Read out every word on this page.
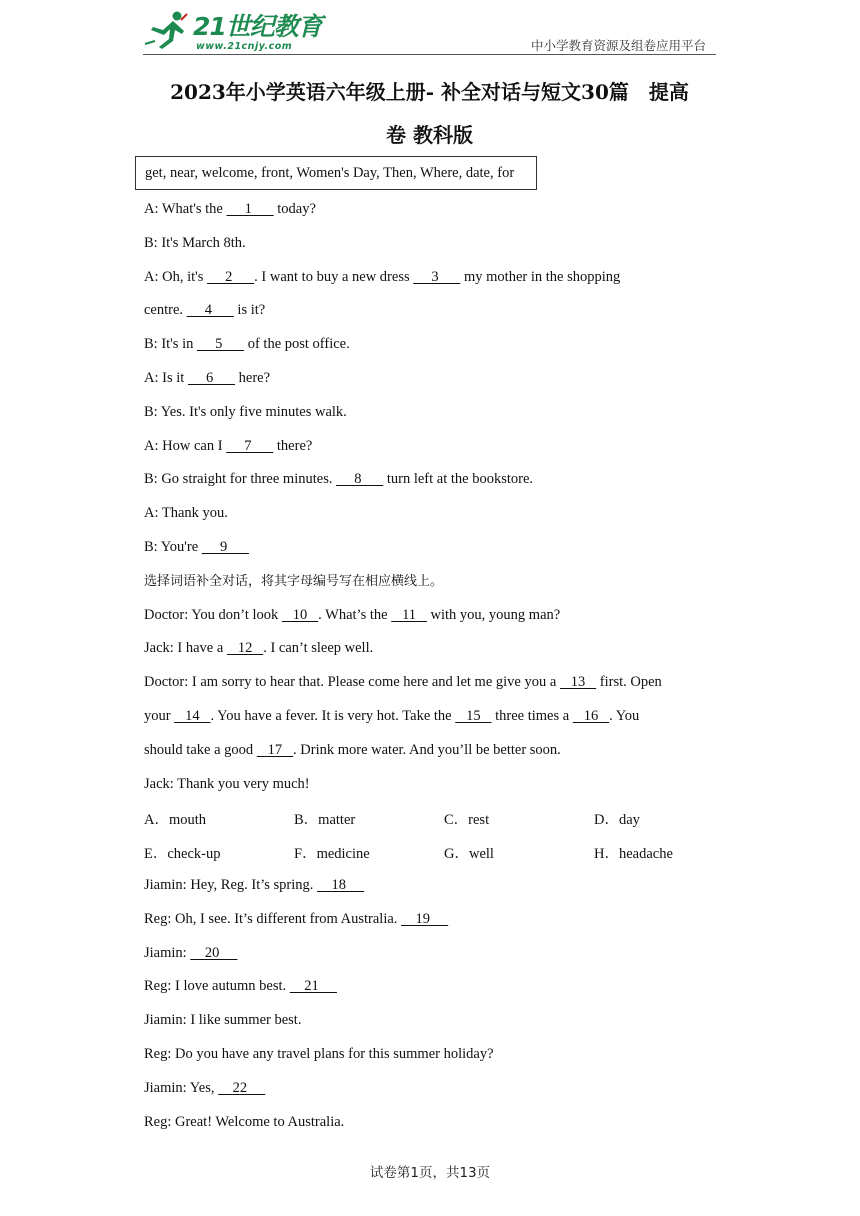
21世纪教育
www.21cnjy.com	中小学教育资源及组卷应用平台
2023年小学英语六年级上册- 补全对话与短文30篇　提高
卷 教科版
get, near, welcome, front, Women's Day, Then, Where, date, for
A: What's the      1       today?
B: It's March 8th.
A: Oh, it's      2      . I want to buy a new dress      3       my mother in the shopping
centre.      4       is it?
B: It's in      5       of the post office.
A: Is it      6       here?
B: Yes. It's only five minutes walk.
A: How can I      7       there?
B: Go straight for three minutes.      8       turn left at the bookstore.
A: Thank you.
B: You're      9
选择词语补全对话，将其字母编号写在相应横线上。
Doctor: You don’t look    10   . What’s the    11    with you, young man?
Jack: I have a    12   . I can’t sleep well.
Doctor: I am sorry to hear that. Please come here and let me give you a    13    first. Open
your    14   . You have a fever. It is very hot. Take the    15    three times a    16   . You
should take a good    17   . Drink more water. And you’ll be better soon.
Jack: Thank you very much!
A．mouth	B．matter	C．rest	D．day
E．check-up	F．medicine	G．well	H．headache
Jiamin: Hey, Reg. It’s spring.     18
Reg: Oh, I see. It’s different from Australia.     19
Jiamin:     20
Reg: I love autumn best.     21
Jiamin: I like summer best.
Reg: Do you have any travel plans for this summer holiday?
Jiamin: Yes,     22
Reg: Great! Welcome to Australia.
试卷第1页，共13页
